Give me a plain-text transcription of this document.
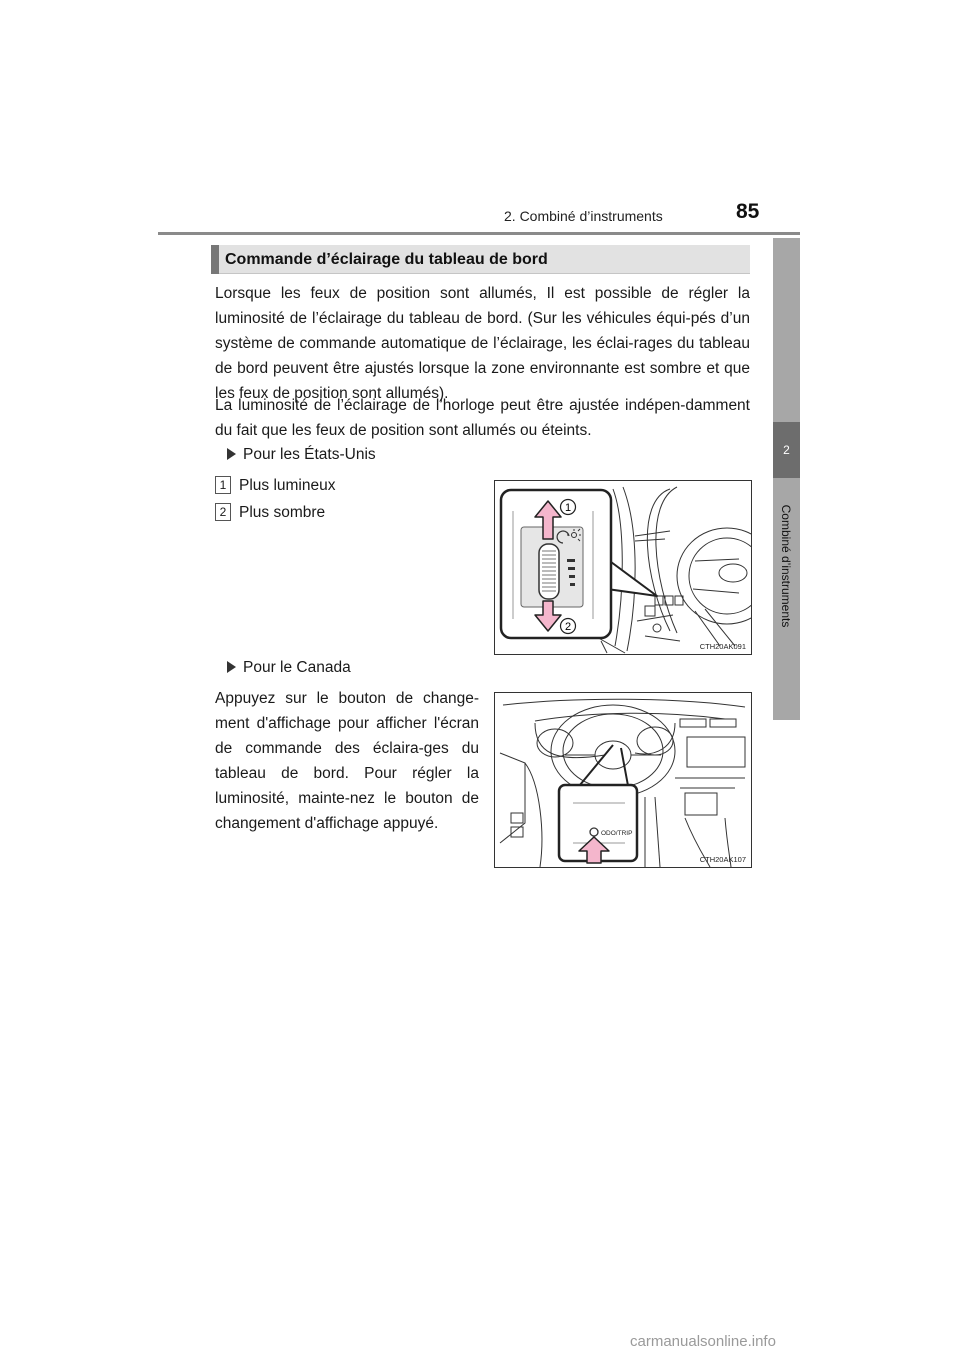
2. Combiné d’instruments	85
2
Combiné d’instruments
Commande d’éclairage du tableau de bord

Lorsque les feux de position sont allumés, Il est possible de régler la luminosité de l’éclairage du tableau de bord. (Sur les véhicules équi-pés d’un système de commande automatique de l’éclairage, les éclai-rages du tableau de bord peuvent être ajustés lorsque la zone environnante est sombre et que les feux de position sont allumés).

La luminosité de l’éclairage de l’horloge peut être ajustée indépen-damment du fait que les feux de position sont allumés ou éteints.

Pour les États-Unis
1 Plus lumineux
2 Plus sombre	1
2
CTH20AK091
Pour le Canada

Appuyez sur le bouton de change-ment d'affichage pour afficher l'écran de commande des éclaira-ges du tableau de bord. Pour régler la luminosité, mainte-nez le bouton de changement d'affichage appuyé.

ODO/TRIP
CTH20AK107
carmanualsonline.info
